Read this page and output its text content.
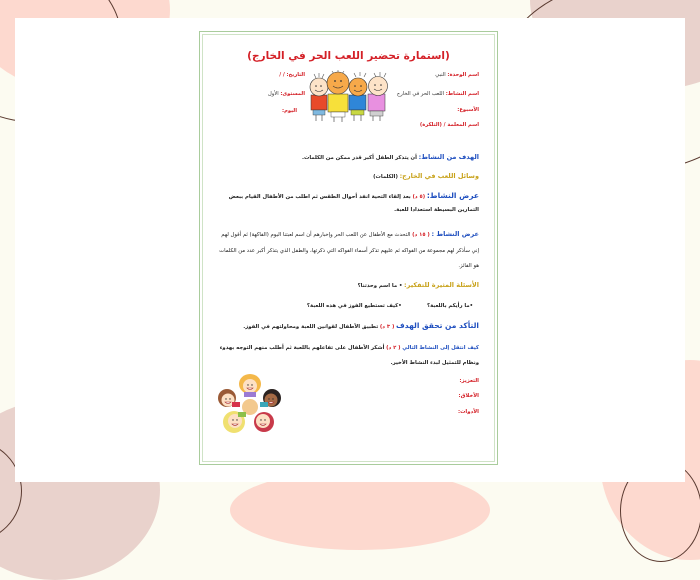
(استمارة تحضير اللعب الحر في الخارج)
اسم الوحدة: النبي
اسم النشاط: اللعب الحر في الخارج
الأسبوع:
اسم المعلمة / (التلكرة)
التاريخ: / /
المستوى: الأول
اليوم:
الهدف من النشاط: أن يتذكر الطفل أكبر قدر ممكن من الكلمات.
وسائل اللعب في الخارج: (الكلمات)
عرض النشاط: (٥ د) بعد إلقاء التحية انفذ أحوال الطقس ثم اطلب من الأطفال القيام ببعض التمارين البسيطة استعدادا للعبة.
عرض النشاط : ( ١٥ د) التحدث مع الأطفال عن اللعب الحر وإخبارهم أن اسم لعبتنا اليوم (الفاكهة) ثم أقول لهم إني سأذكر لهم مجموعة من الفواكه ثم عليهم تذكر أسماء الفواكه التي ذكرتها، والطفل الذي يتذكر أكبر عدد من الكلمات هو الفائز.
الأسئلة المثيرة للتفكير: • ما اسم وحدتنا؟
•ما رأيكم باللعبة؟  •كيف تستطيع الفوز في هذه اللعبة؟
التأكد من تحقق الهدف ( ٣ د) تطبيق الأطفال لقوانين اللعبة ومحاولتهم في الفوز.
كيف انتقل إلى النشاط التالي ( ٢ د) أشكر الأطفال على تفاعلهم باللعبة ثم أطلب منهم التوجه بهدوء ونظام للتمثيل لبدء النشاط الأخير.
التعزيز:
الأخلاق:
الأدوات:
